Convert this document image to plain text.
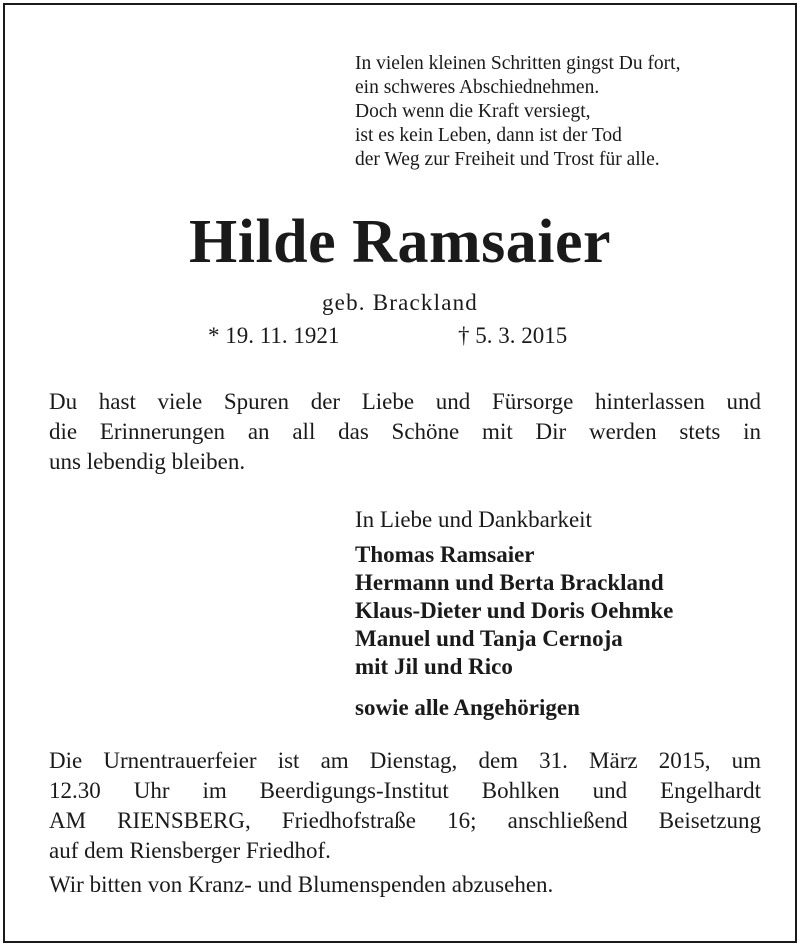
In vielen kleinen Schritten gingst Du fort,
ein schweres Abschiednehmen.
Doch wenn die Kraft versiegt,
ist es kein Leben, dann ist der Tod
der Weg zur Freiheit und Trost für alle.
Hilde Ramsaier
geb. Brackland
* 19. 11. 1921	† 5. 3. 2015
Du hast viele Spuren der Liebe und Fürsorge hinterlassen und
die Erinnerungen an all das Schöne mit Dir werden stets in
uns lebendig bleiben.
In Liebe und Dankbarkeit
Thomas Ramsaier
Hermann und Berta Brackland
Klaus-Dieter und Doris Oehmke
Manuel und Tanja Cernoja
mit Jil und Rico
sowie alle Angehörigen
Die Urnentrauerfeier ist am Dienstag, dem 31. März 2015, um
12.30 Uhr im Beerdigungs-Institut Bohlken und Engelhardt
AM RIENSBERG, Friedhofstraße 16; anschließend Beisetzung
auf dem Riensberger Friedhof.
Wir bitten von Kranz- und Blumenspenden abzusehen.
